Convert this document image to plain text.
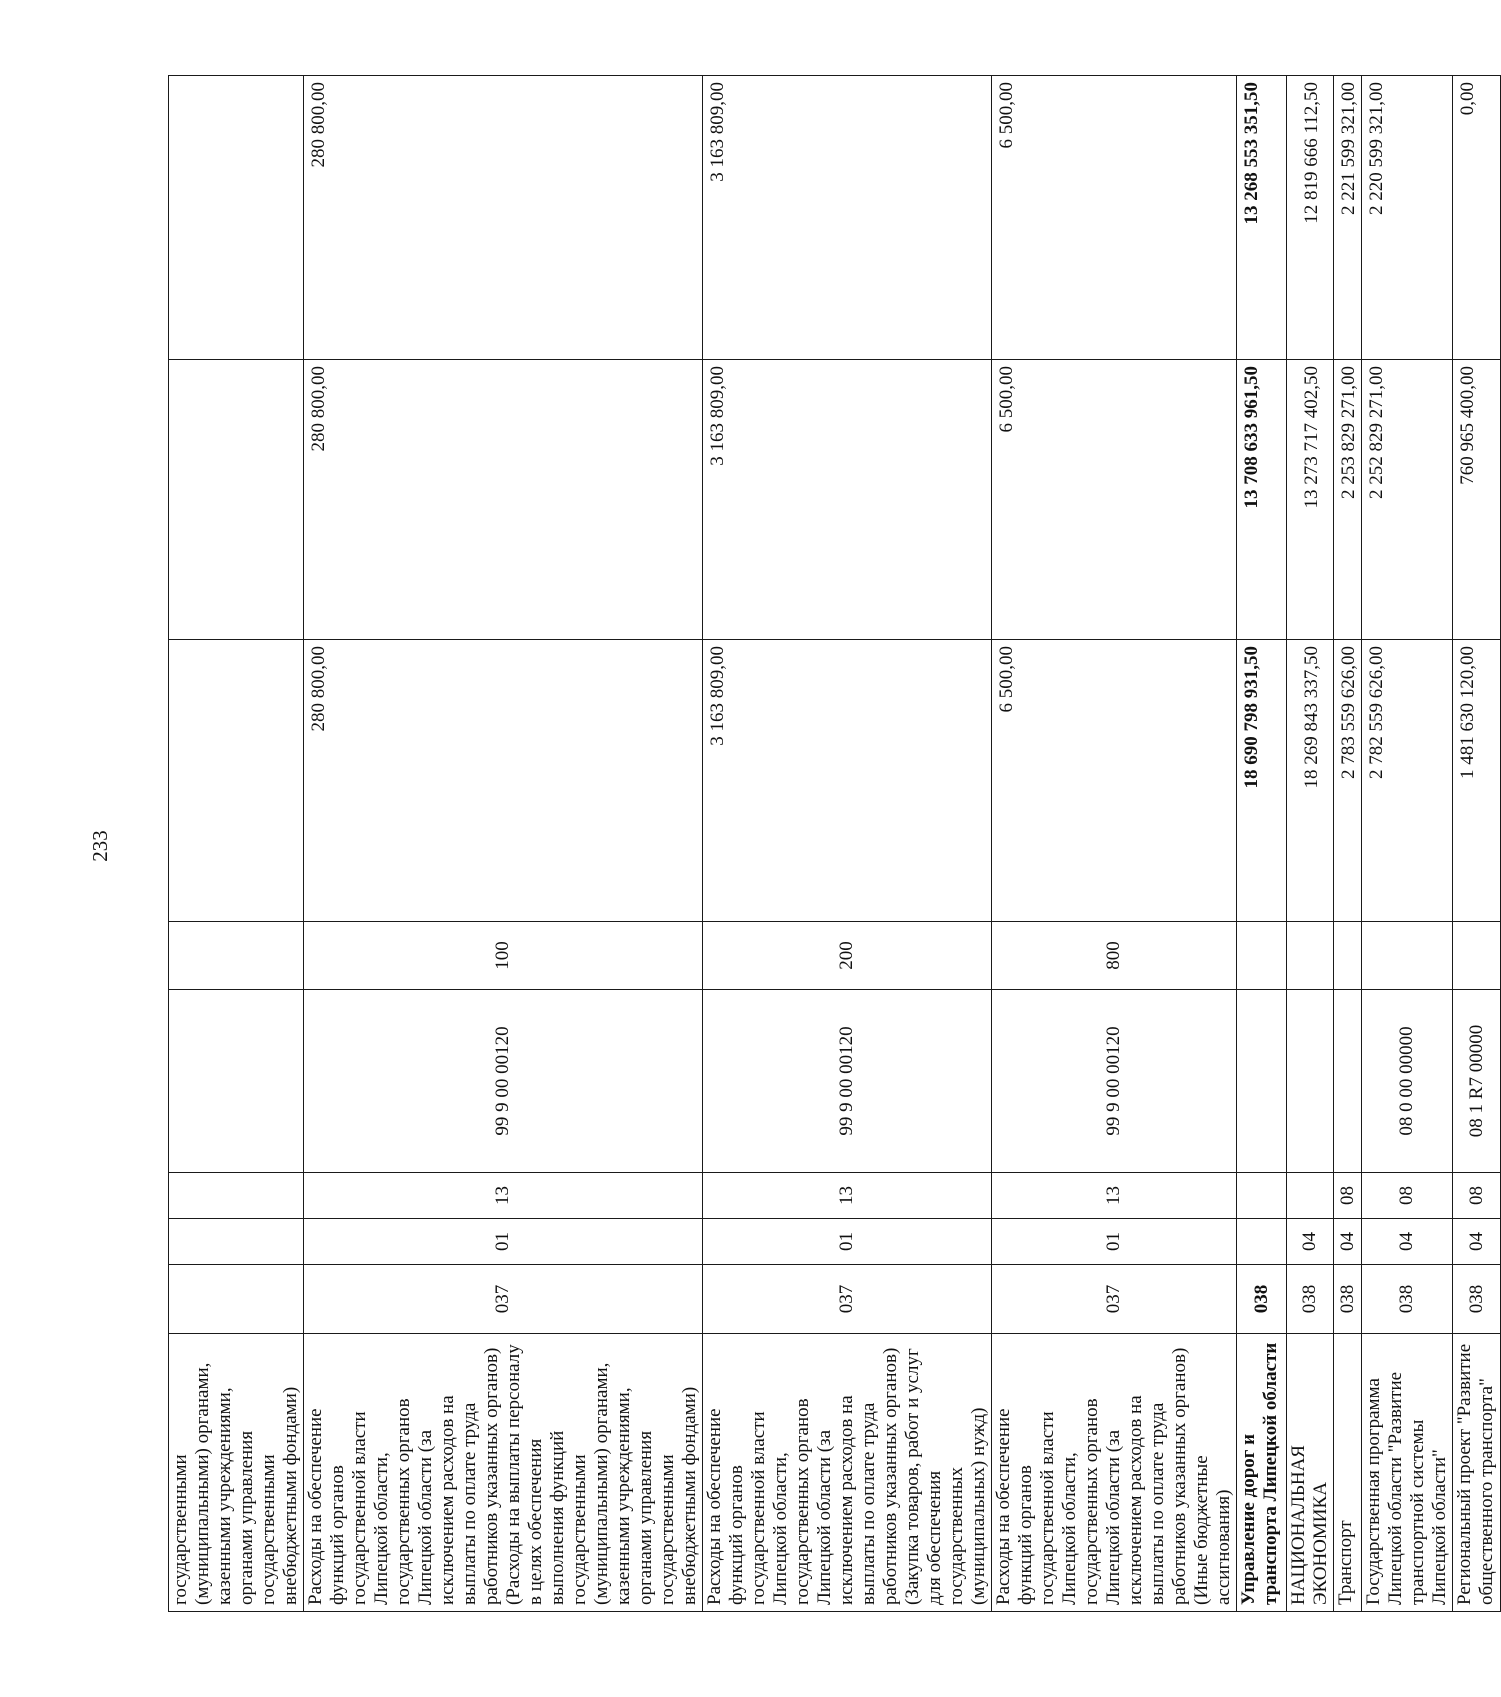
233
государственными (муниципальными) органами, казенными учреждениями, органами управления государственными внебюджетными фондами)								
Расходы на обеспечение функций органов государственной власти Липецкой области, государственных органов Липецкой области (за исключением расходов на выплаты по оплате труда работников указанных органов) (Расходы на выплаты персоналу в целях обеспечения выполнения функций государственными (муниципальными) органами, казенными учреждениями, органами управления государственными внебюджетными фондами)	037	01	13	99 9 00 00120	100	280 800,00	280 800,00	280 800,00
Расходы на обеспечение функций органов государственной власти Липецкой области, государственных органов Липецкой области (за исключением расходов на выплаты по оплате труда работников указанных органов) (Закупка товаров, работ и услуг для обеспечения государственных (муниципальных) нужд)	037	01	13	99 9 00 00120	200	3 163 809,00	3 163 809,00	3 163 809,00
Расходы на обеспечение функций органов государственной власти Липецкой области, государственных органов Липецкой области (за исключением расходов на выплаты по оплате труда работников указанных органов) (Иные бюджетные ассигнования)	037	01	13	99 9 00 00120	800	6 500,00	6 500,00	6 500,00
Управление дорог и транспорта Липецкой области	038					18 690 798 931,50	13 708 633 961,50	13 268 553 351,50
НАЦИОНАЛЬНАЯ ЭКОНОМИКА	038	04				18 269 843 337,50	13 273 717 402,50	12 819 666 112,50
Транспорт	038	04	08			2 783 559 626,00	2 253 829 271,00	2 221 599 321,00
Государственная программа Липецкой области "Развитие транспортной системы Липецкой области"	038	04	08	08 0 00 00000		2 782 559 626,00	2 252 829 271,00	2 220 599 321,00
Региональный проект "Развитие общественного транспорта"	038	04	08	08 1 R7 00000		1 481 630 120,00	760 965 400,00	0,00
